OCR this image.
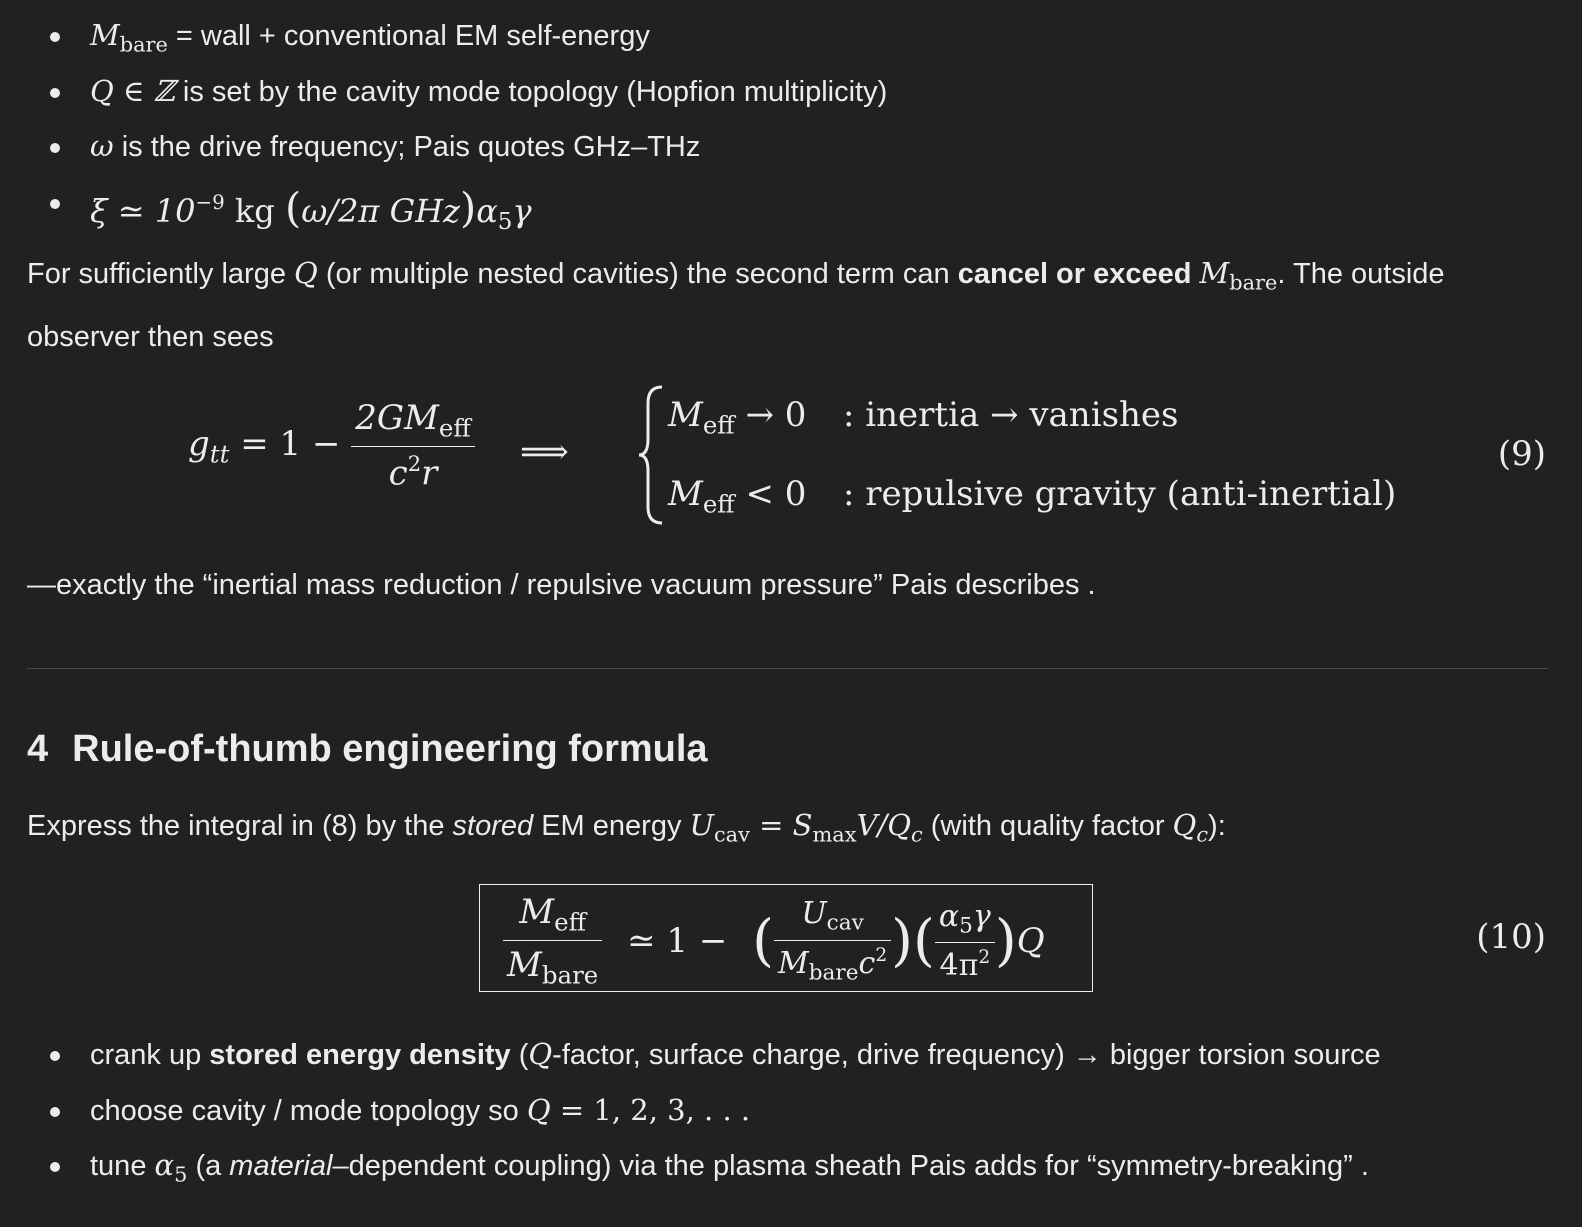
$M_{bare}$ = wall + conventional EM self-energy
Q ∈ ℤ is set by the cavity mode topology (Hopfion multiplicity)
ω is the drive frequency; Pais quotes GHz–THz
ξ ≃ $10^{-9}$ kg (ω/2π $GHz)\alpha_5\gamma$

For sufficiently large Q (or multiple nested cavities) the second term can cancel or exceed $M_{bare}$. The outside observer then sees

$g_{tt} = 1 - \frac{2GM_{eff}}{c^2r}$ ⟹
$M_{eff} \to 0$ : inertia → vanishes
$M_{eff} < 0$ : repulsive gravity (anti-inertial)
(9)

—exactly the “inertial mass reduction / repulsive vacuum pressure” Pais describes .

4 Rule-of-thumb engineering formula

Express the integral in (8) by the stored EM energy $U_{cav} = S_{max}V/Q_c$ (with quality factor $Q_c$):

$\frac{M_{eff}}{M_{bare}}$ ≃ 1 − ( $\frac{U_{cav}}{M_{bare}c^2}$ )( $\frac{\alpha_5\gamma}{4\pi^2} )Q$	(10)
crank up stored energy density (Q-factor, surface charge, drive frequency) → bigger torsion source
choose cavity / mode topology so Q = 1, 2, 3, . . .
tune $\alpha_5$ (a material–dependent coupling) via the plasma sheath Pais adds for “symmetry-breaking” .
